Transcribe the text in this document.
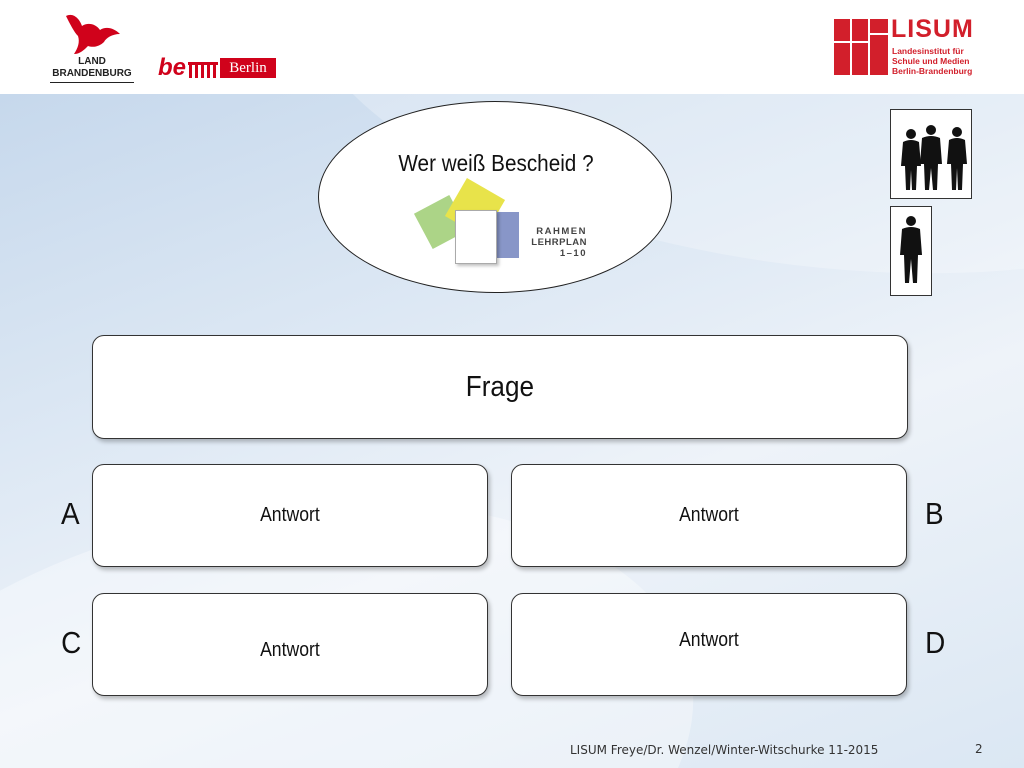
LAND
BRANDENBURG be	Berlin
LISUM
Landesinstitut für
Schule und Medien
Berlin-Brandenburg
Wer weiß Bescheid ?
RAHMEN
LEHRPLAN
1–10
Frage
Antwort	Antwort
Antwort	Antwort
A	B
C	D
LISUM Freye/Dr. Wenzel/Winter-Witschurke 11-2015	2
